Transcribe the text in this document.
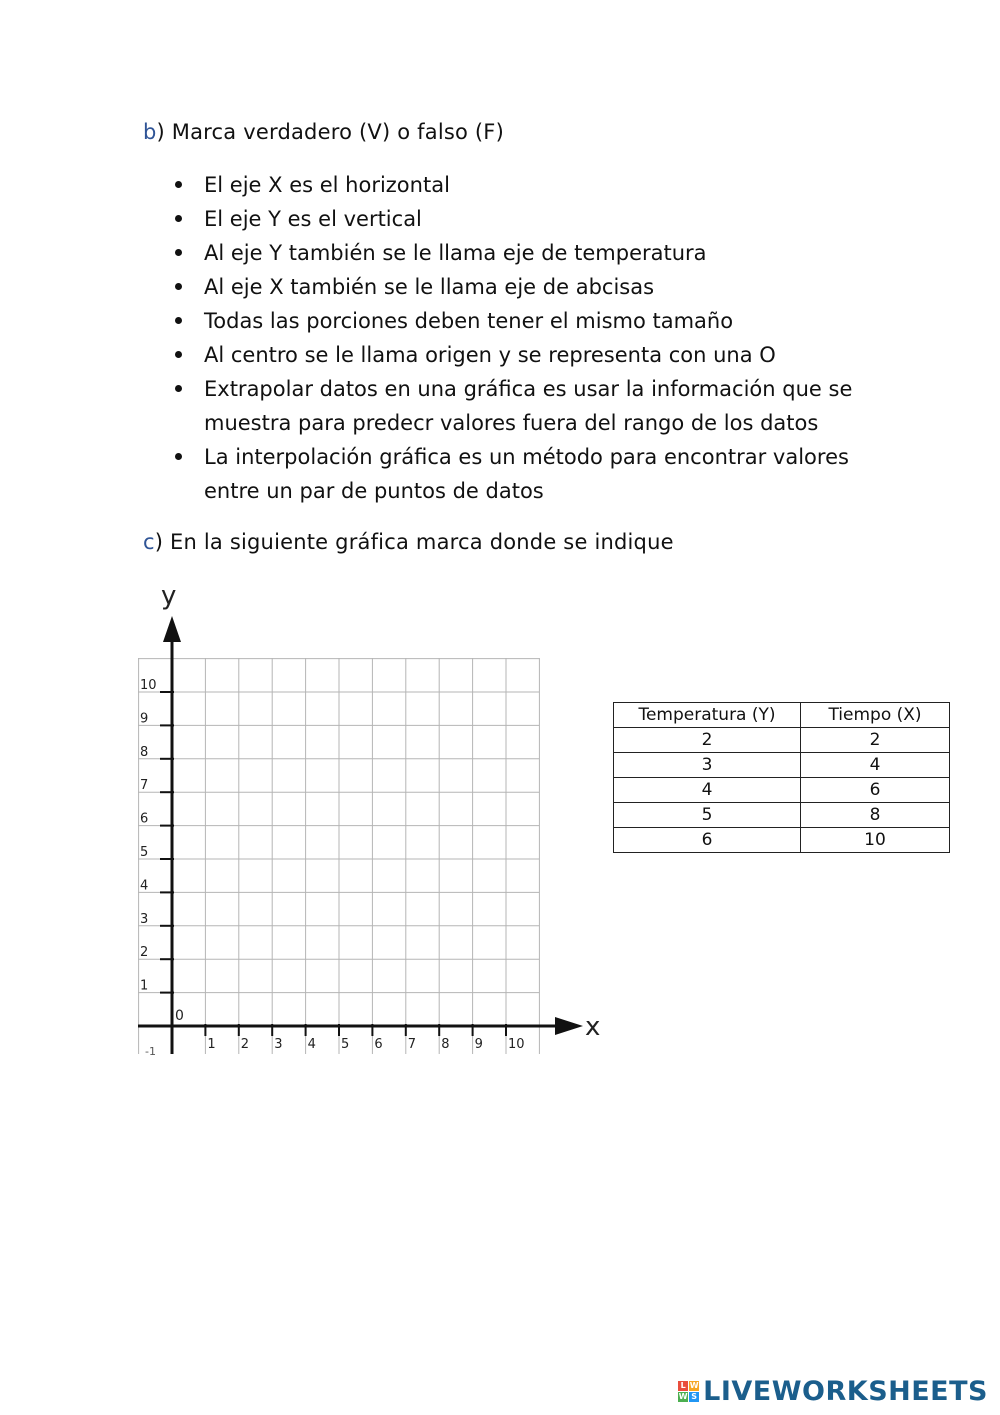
b) Marca verdadero (V) o falso (F)
El eje X es el horizontal
El eje Y es el vertical
Al eje Y también se le llama eje de temperatura
Al eje X también se le llama eje de abcisas
Todas las porciones deben tener el mismo tamaño
Al centro se le llama origen y se representa con una O
Extrapolar datos en una gráfica es usar la información que se muestra para predecr valores fuera del rango de los datos
La interpolación gráfica es un método para encontrar valores entre un par de puntos de datos
c) En la siguiente gráfica marca donde se indique
1 2 3 4 5 6 7 8 9 10
1
2
3
4
5
6
7
8
9
10
-1
0	x
y
Temperatura (Y)	Tiempo (X)
2	2
3	4
4	6
5	8
6	10
L W
W S LIVEWORKSHEETS
